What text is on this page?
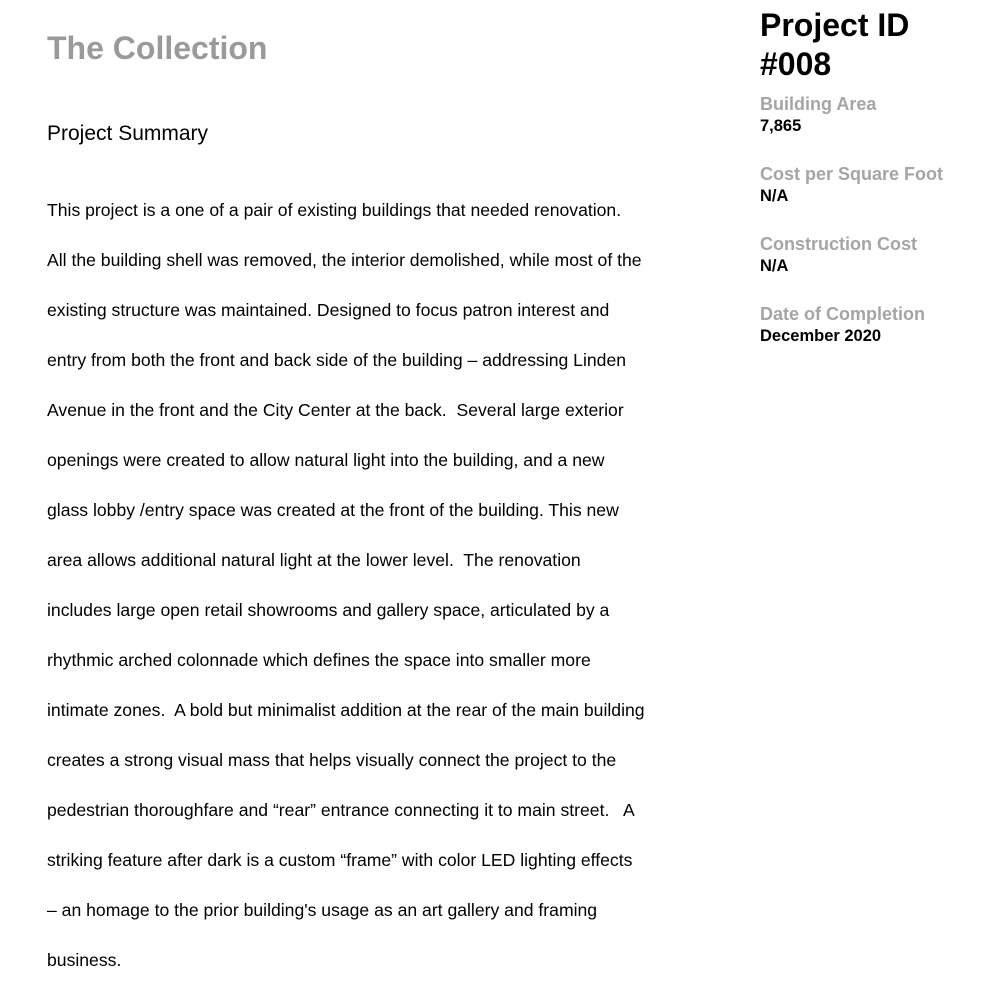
The Collection
Project Summary

This project is a one of a pair of existing buildings that needed renovation.

All the building shell was removed, the interior demolished, while most of the

existing structure was maintained. Designed to focus patron interest and

entry from both the front and back side of the building – addressing Linden

Avenue in the front and the City Center at the back.  Several large exterior

openings were created to allow natural light into the building, and a new

glass lobby /entry space was created at the front of the building. This new

area allows additional natural light at the lower level.  The renovation

includes large open retail showrooms and gallery space, articulated by a

rhythmic arched colonnade which defines the space into smaller more

intimate zones.  A bold but minimalist addition at the rear of the main building

creates a strong visual mass that helps visually connect the project to the

pedestrian thoroughfare and “rear” entrance connecting it to main street.   A

striking feature after dark is a custom “frame” with color LED lighting effects

– an homage to the prior building's usage as an art gallery and framing

business.

Project ID
#008
Building Area
7,865
Cost per Square Foot
N/A
Construction Cost
N/A
Date of Completion
December 2020
